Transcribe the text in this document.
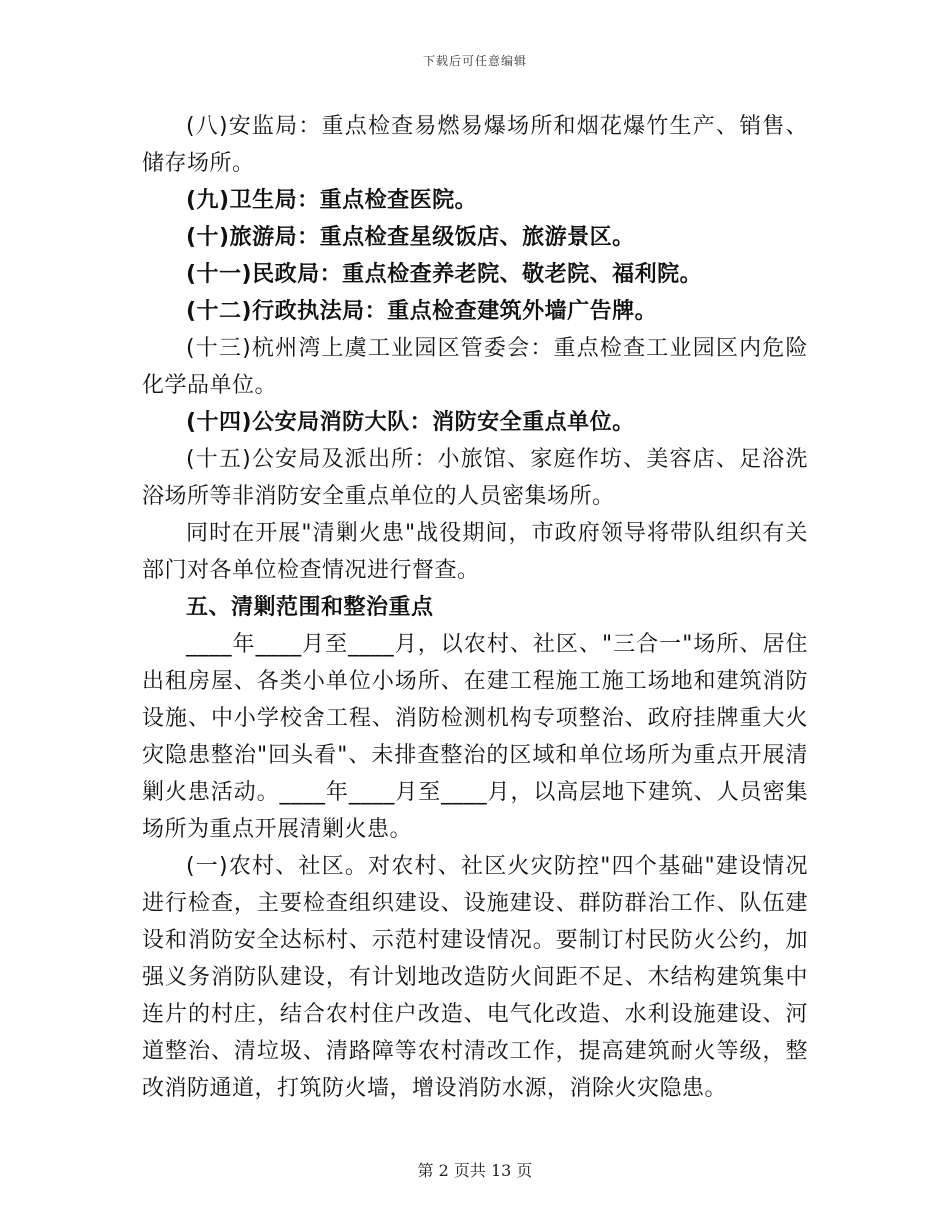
下载后可任意编辑

(八)安监局：重点检查易燃易爆场所和烟花爆竹生产、销售、储存场所。

(九)卫生局：重点检查医院。

(十)旅游局：重点检查星级饭店、旅游景区。

(十一)民政局：重点检查养老院、敬老院、福利院。

(十二)行政执法局：重点检查建筑外墙广告牌。

(十三)杭州湾上虞工业园区管委会：重点检查工业园区内危险化学品单位。

(十四)公安局消防大队：消防安全重点单位。

(十五)公安局及派出所：小旅馆、家庭作坊、美容店、足浴洗浴场所等非消防安全重点单位的人员密集场所。

同时在开展"清剿火患"战役期间，市政府领导将带队组织有关部门对各单位检查情况进行督查。

五、清剿范围和整治重点

____年____月至____月，以农村、社区、"三合一"场所、居住出租房屋、各类小单位小场所、在建工程施工施工场地和建筑消防设施、中小学校舍工程、消防检测机构专项整治、政府挂牌重大火灾隐患整治"回头看"、未排查整治的区域和单位场所为重点开展清剿火患活动。____年____月至____月，以高层地下建筑、人员密集场所为重点开展清剿火患。

(一)农村、社区。对农村、社区火灾防控"四个基础"建设情况进行检查，主要检查组织建设、设施建设、群防群治工作、队伍建设和消防安全达标村、示范村建设情况。要制订村民防火公约，加强义务消防队建设，有计划地改造防火间距不足、木结构建筑集中连片的村庄，结合农村住户改造、电气化改造、水利设施建设、河道整治、清垃圾、清路障等农村清改工作，提高建筑耐火等级，整改消防通道，打筑防火墙，增设消防水源，消除火灾隐患。

第 2 页共 13 页
